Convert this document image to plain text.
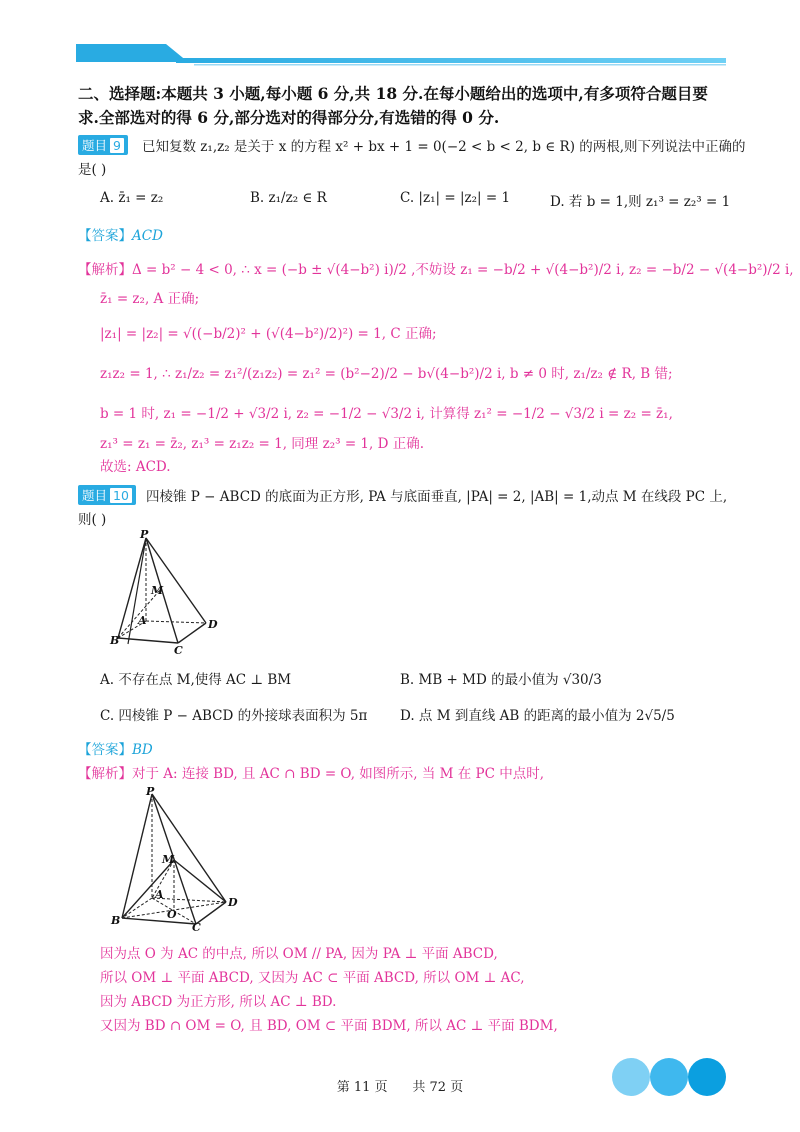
二、选择题:本题共 3 小题,每小题 6 分,共 18 分.在每小题给出的选项中,有多项符合题目要
求.全部选对的得 6 分,部分选对的得部分分,有选错的得 0 分.
题目 9	已知复数 z₁,z₂ 是关于 x 的方程 x² + bx + 1 = 0(−2 < b < 2, b ∈ R) 的两根,则下列说法中正确的
是( )
A. z̄₁ = z₂	B. z₁/z₂ ∈ R	C. |z₁| = |z₂| = 1	D. 若 b = 1,则 z₁³ = z₂³ = 1
【答案】ACD
【解析】Δ = b² − 4 < 0, ∴ x = (−b ± √(4−b²) i)/2 ,不妨设 z₁ = −b/2 + √(4−b²)/2 i, z₂ = −b/2 − √(4−b²)/2 i,
z̄₁ = z₂, A 正确;
|z₁| = |z₂| = √((−b/2)² + (√(4−b²)/2)²) = 1, C 正确;
z₁z₂ = 1, ∴ z₁/z₂ = z₁²/(z₁z₂) = z₁² = (b²−2)/2 − b√(4−b²)/2 i, b ≠ 0 时, z₁/z₂ ∉ R, B 错;
b = 1 时, z₁ = −1/2 + √3/2 i, z₂ = −1/2 − √3/2 i, 计算得 z₁² = −1/2 − √3/2 i = z₂ = z̄₁,
z₁³ = z₁ = z̄₂, z₁³ = z₁z₂ = 1, 同理 z₂³ = 1, D 正确.
故选: ACD.
题目 10	四棱锥 P − ABCD 的底面为正方形, PA 与底面垂直, |PA| = 2, |AB| = 1,动点 M 在线段 PC 上,
则( )
P
M
A
B
C
D
A. 不存在点 M,使得 AC ⊥ BM	B. MB + MD 的最小值为 √30/3
C. 四棱锥 P − ABCD 的外接球表面积为 5π D. 点 M 到直线 AB 的距离的最小值为 2√5/5
【答案】BD
【解析】对于 A: 连接 BD, 且 AC ∩ BD = O, 如图所示, 当 M 在 PC 中点时,
P
M
A
O
B
C
D
因为点 O 为 AC 的中点, 所以 OM // PA, 因为 PA ⊥ 平面 ABCD,
所以 OM ⊥ 平面 ABCD, 又因为 AC ⊂ 平面 ABCD, 所以 OM ⊥ AC,
因为 ABCD 为正方形, 所以 AC ⊥ BD.
又因为 BD ∩ OM = O, 且 BD, OM ⊂ 平面 BDM, 所以 AC ⊥ 平面 BDM,
第 11 页 共 72 页
